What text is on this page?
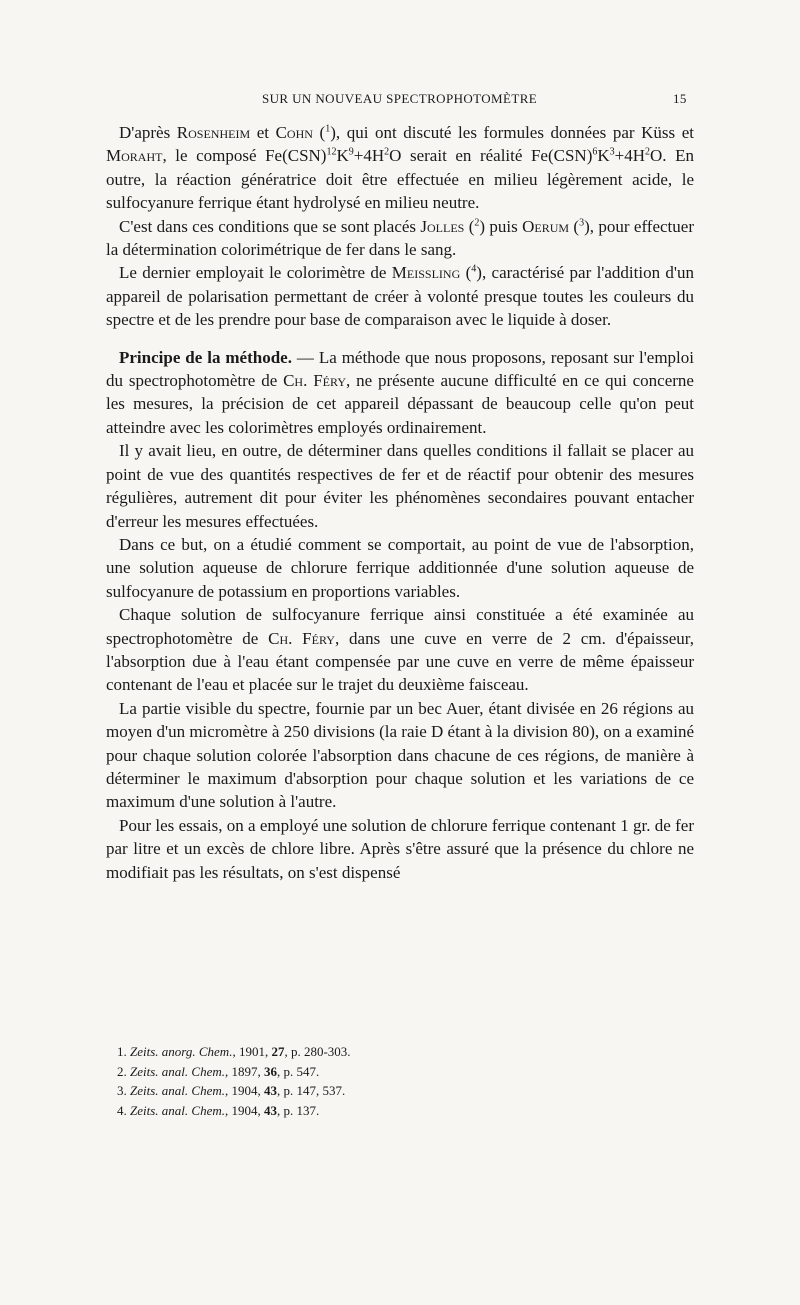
SUR UN NOUVEAU SPECTROPHOTOMÈTRE	15

D'après Rosenheim et Cohn ($^1$), qui ont discuté les formules données par Küss et Moraht, le composé $Fe(CSN)^{12}K^9+4H^2O$ serait en réalité $Fe(CSN)^6K^3+4H^2O$. En outre, la réaction génératrice doit être effectuée en milieu légèrement acide, le sulfocyanure ferrique étant hydrolysé en milieu neutre.

C'est dans ces conditions que se sont placés Jolles ($^2$) puis Oerum ($^3$), pour effectuer la détermination colorimétrique de fer dans le sang.

Le dernier employait le colorimètre de Meissling ($^4$), caractérisé par l'addition d'un appareil de polarisation permettant de créer à volonté presque toutes les couleurs du spectre et de les prendre pour base de comparaison avec le liquide à doser.

Principe de la méthode. — La méthode que nous proposons, reposant sur l'emploi du spectrophotomètre de Ch. Féry, ne présente aucune difficulté en ce qui concerne les mesures, la précision de cet appareil dépassant de beaucoup celle qu'on peut atteindre avec les colorimètres employés ordinairement.

Il y avait lieu, en outre, de déterminer dans quelles conditions il fallait se placer au point de vue des quantités respectives de fer et de réactif pour obtenir des mesures régulières, autrement dit pour éviter les phénomènes secondaires pouvant entacher d'erreur les mesures effectuées.

Dans ce but, on a étudié comment se comportait, au point de vue de l'absorption, une solution aqueuse de chlorure ferrique additionnée d'une solution aqueuse de sulfocyanure de potassium en proportions variables.

Chaque solution de sulfocyanure ferrique ainsi constituée a été examinée au spectrophotomètre de Ch. Féry, dans une cuve en verre de 2 cm. d'épaisseur, l'absorption due à l'eau étant compensée par une cuve en verre de même épaisseur contenant de l'eau et placée sur le trajet du deuxième faisceau.

La partie visible du spectre, fournie par un bec Auer, étant divisée en 26 régions au moyen d'un micromètre à 250 divisions (la raie D étant à la division 80), on a examiné pour chaque solution colorée l'absorption dans chacune de ces régions, de manière à déterminer le maximum d'absorption pour chaque solution et les variations de ce maximum d'une solution à l'autre.

Pour les essais, on a employé une solution de chlorure ferrique contenant 1 gr. de fer par litre et un excès de chlore libre. Après s'être assuré que la présence du chlore ne modifiait pas les résultats, on s'est dispensé

1. Zeits. anorg. Chem., 1901, 27, p. 280-303.
2. Zeits. anal. Chem., 1897, 36, p. 547.
3. Zeits. anal. Chem., 1904, 43, p. 147, 537.
4. Zeits. anal. Chem., 1904, 43, p. 137.
